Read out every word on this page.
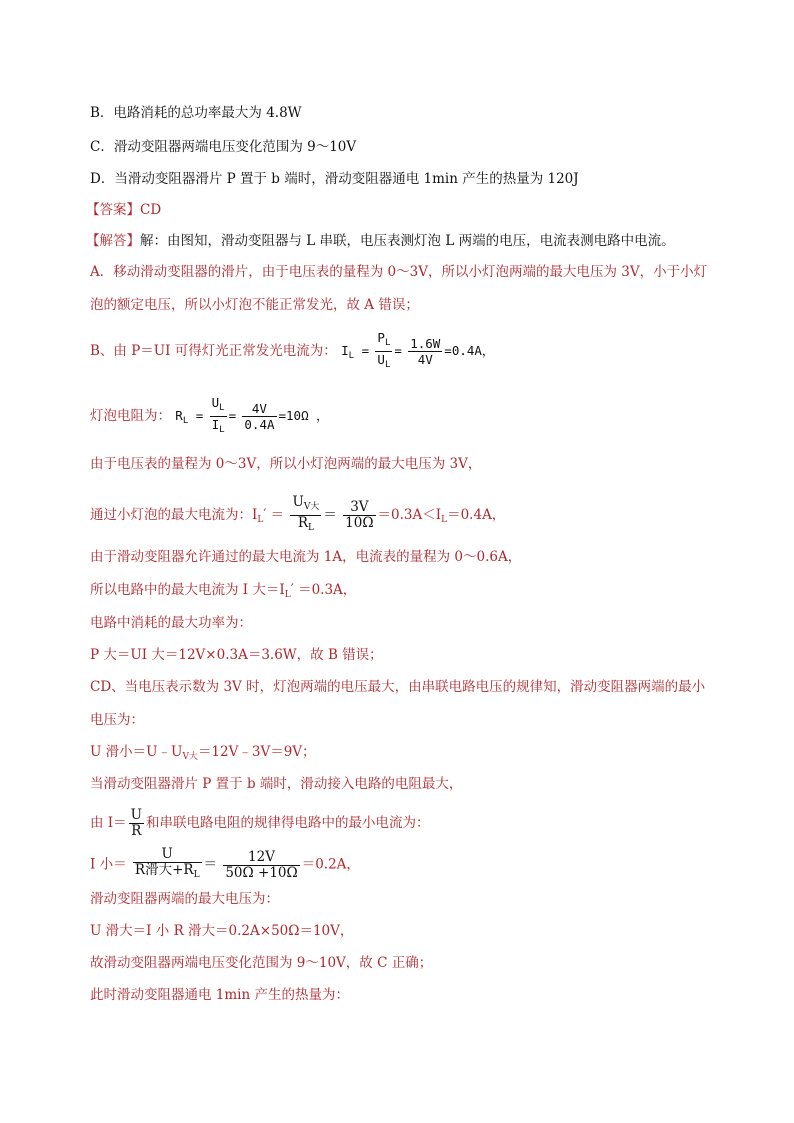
B．电路消耗的总功率最大为 4.8W
C．滑动变阻器两端电压变化范围为 9～10V
D．当滑动变阻器滑片 P 置于 b 端时，滑动变阻器通电 1min 产生的热量为 120J
【答案】CD
【解答】解：由图知，滑动变阻器与 L 串联，电压表测灯泡 L 两端的电压，电流表测电路中电流。
A．移动滑动变阻器的滑片，由于电压表的量程为 0～3V，所以小灯泡两端的最大电压为 3V，小于小灯
泡的额定电压，所以小灯泡不能正常发光，故 A 错误；
B、由 P＝UI 可得灯光正常发光电流为： $I_L = \frac{P_L}{U_L} = \frac{1.6W}{4V} =0.4A$，
灯泡电阻为： $R_L = \frac{U_L}{I_L} = \frac{4V}{0.4A} =10\Omega$ ，
由于电压表的量程为 0～3V，所以小灯泡两端的最大电压为 3V，
通过小灯泡的最大电流为：$I_L' = \frac{U_{V大}}{R_L} = \frac{3V}{10\Omega} =0.3A<I_L=0.4A$，
由于滑动变阻器允许通过的最大电流为 1A，电流表的量程为 0～0.6A，
所以电路中的最大电流为 I 大$=I_L' =0.3A$，
电路中消耗的最大功率为：
P 大＝UI 大＝12V×0.3A＝3.6W，故 B 错误；
CD、当电压表示数为 3V 时，灯泡两端的电压最大，由串联电路电压的规律知，滑动变阻器两端的最小
电压为：
U 滑小$=U﹣U_{V大}=12V﹣3V=9V$；
当滑动变阻器滑片 P 置于 b 端时，滑动接入电路的电阻最大，
由 $I= \frac{U}{R}$ 和串联电路电阻的规律得电路中的最小电流为：
I 小＝ $\frac{U}{R滑大+R_L} = \frac{12V}{50\Omega +10\Omega} =0.2A$，
滑动变阻器两端的最大电压为：
U 滑大＝I 小 R 滑大＝0.2A×50Ω＝10V，
故滑动变阻器两端电压变化范围为 9～10V，故 C 正确；
此时滑动变阻器通电 1min 产生的热量为：
